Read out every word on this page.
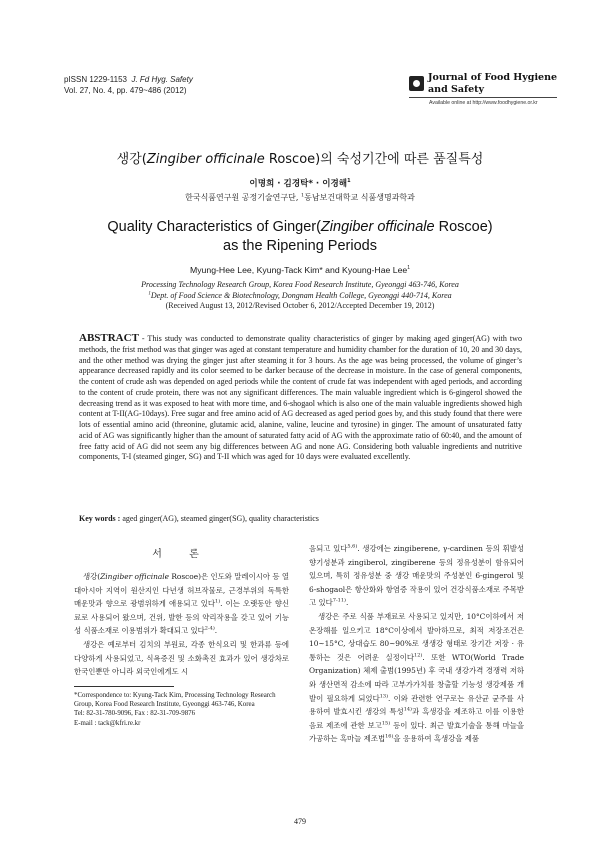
pISSN 1229-1153 J. Fd Hyg. Safety
Vol. 27, No. 4, pp. 479~486 (2012)
Journal of Food Hygiene
and Safety
Available online at http://www.foodhygiene.or.kr
생강(Zingiber officinale Roscoe)의 숙성기간에 따른 품질특성
이명희 · 김경탁* · 이경해$^1$
한국식품연구원 공정기술연구단, $^1$동남보건대학교 식품생명과학과
Quality Characteristics of Ginger(Zingiber officinale Roscoe)
as the Ripening Periods
Myung-Hee Lee, Kyung-Tack Kim* and Kyoung-Hae Lee$^1$
Processing Technology Research Group, Korea Food Research Institute, Gyeonggi 463-746, Korea
$^1$Dept. of Food Science & Biotechnology, Dongnam Health College, Gyeonggi 440-714, Korea
(Received August 13, 2012/Revised October 6, 2012/Accepted December 19, 2012)
ABSTRACT - This study was conducted to demonstrate quality characteristics of ginger by making aged ginger(AG) with two methods, the frist method was that ginger was aged at constant temperature and humidity chamber for the duration of 10, 20 and 30 days, and the other method was drying the ginger just after steaming it for 3 hours. As the age was being processed, the volume of ginger’s appearance decreased rapidly and its color seemed to be darker because of the decrease in moisture. In the case of general components, the content of crude ash was depended on aged periods while the content of crude fat was independent with aged periods, and according to the content of crude protein, there was not any significant differences. The main valuable ingredient which is 6-gingerol showed the decreasing trend as it was exposed to heat with more time, and 6-shogaol which is also one of the main valuable ingredients showed high content at T-II(AG-10days). Free sugar and free amino acid of AG decreased as aged period goes by, and this study found that there were lots of essential amino acid (threonine, glutamic acid, alanine, valine, leucine and tyrosine) in ginger. The amount of unsaturated fatty acid of AG was significantly higher than the amount of saturated fatty acid of AG with the approximate ratio of 60:40, and the amount of free fatty acid of AG did not seem any big differences between AG and none AG. Considering both valuable ingredients and nutritive components, T-I (steamed ginger, SG) and T-II which was aged for 10 days were evaluated excellently.
Key words : aged ginger(AG), steamed ginger(SG), quality characteristics
서 론

생강(Zingiber officinale Roscoe)은 인도와 말레이시아 등 열대아시아 지역이 원산지인 다년생 허브작물로, 근경부위의 독특한 매운맛과 향으로 광범위하게 애용되고 있다$^{1)}$. 이는 오랫동안 향신료로 사용되어 왔으며, 건위, 발한 등의 약리작용을 갖고 있어 기능성 식품소재로 이용범위가 확대되고 있다$^{2-4)}$.

생강은 예로부터 김치의 부원료, 각종 한식요리 및 한과류 등에 다양하게 사용되었고, 식욕증진 및 소화촉진 효과가 있어 생강차로 한국인뿐만 아니라 외국인에게도 시

음되고 있다$^{5,6)}$. 생강에는 zingiberene, γ-cardinen 등의 휘발성 향기성분과 zingiberol, zingiberene 등의 정유성분이 함유되어 있으며, 특히 정유성분 중 생강 매운맛의 주성분인 6-gingerol 및 6-shogaol은 항산화와 항염증 작용이 있어 건강식품소재로 주목받고 있다$^{7-11)}$.

생강은 주로 식품 부재료로 사용되고 있지만, 10°C이하에서 저온장해를 일으키고 18°C이상에서 발아하므로, 최적 저장조건은 10~15°C, 상대습도 80~90%로 생생강 형태로 장기간 저장 · 유통하는 것은 어려운 실정이다$^{12)}$. 또한 WTO(World Trade Organization) 체제 출범(1995년) 후 국내 생강가격 경쟁력 저하와 생산면적 감소에 따라 고부가가치를 창출할 기능성 생강제품 개발이 필요하게 되었다$^{13)}$. 이와 관련한 연구로는 유산균 균주를 사용하여 발효시킨 생강의 특성$^{14)}$과 흑생강을 제조하고 이를 이용한 음료 제조에 관한 보고$^{15)}$ 등이 있다. 최근 발효기술을 통해 마늘을 가공하는 흑마늘 제조법$^{16)}$을 응용하여 흑생강을 제품

*Correspondence to: Kyung-Tack Kim, Processing Technology Research Group, Korea Food Research Institute, Gyeonggi 463-746, Korea
Tel: 82-31-780-9096, Fax : 82-31-709-9876
E-mail : tack@kfri.re.kr
479
